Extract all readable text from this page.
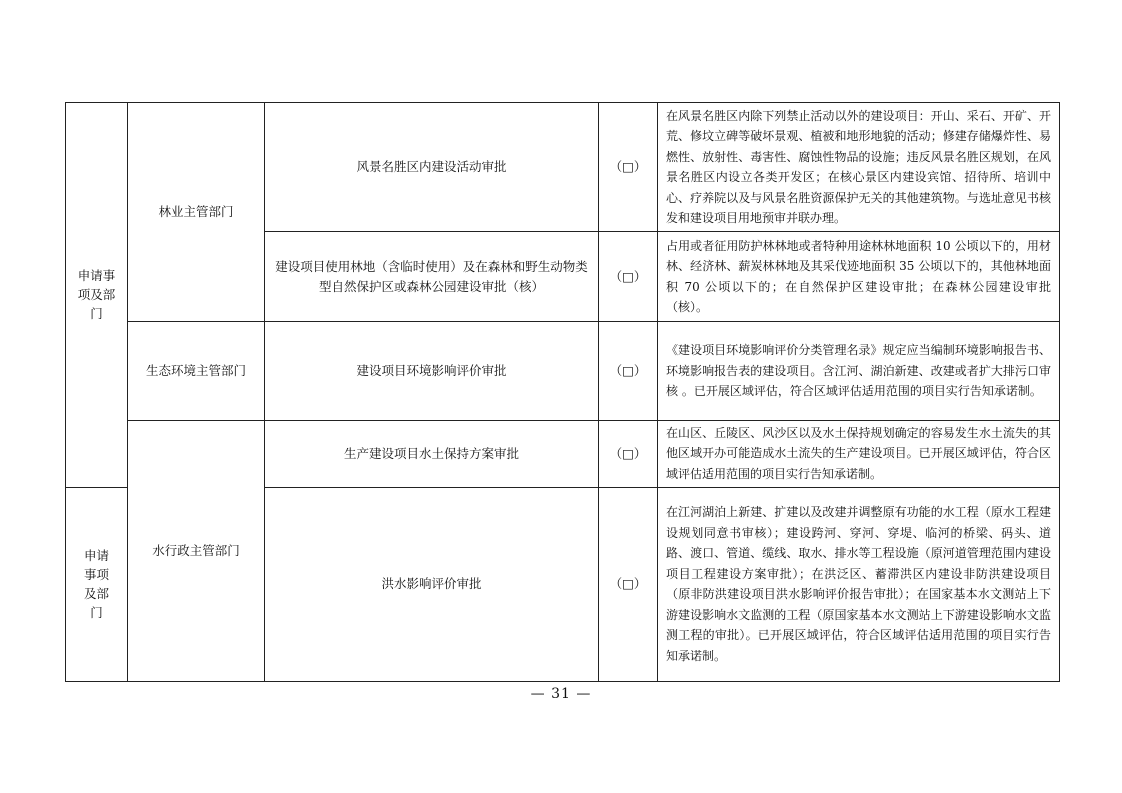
申请事项及部门	林业主管部门	风景名胜区内建设活动审批	（□）	在风景名胜区内除下列禁止活动以外的建设项目：开山、采石、开矿、开荒、修坟立碑等破坏景观、植被和地形地貌的活动；修建存储爆炸性、易燃性、放射性、毒害性、腐蚀性物品的设施；违反风景名胜区规划，在风景名胜区内设立各类开发区；在核心景区内建设宾馆、招待所、培训中心、疗养院以及与风景名胜资源保护无关的其他建筑物。与选址意见书核发和建设项目用地预审并联办理。
		建设项目使用林地（含临时使用）及在森林和野生动物类型自然保护区或森林公园建设审批（核）	（□）	占用或者征用防护林林地或者特种用途林林地面积 10 公顷以下的，用材林、经济林、薪炭林林地及其采伐迹地面积 35 公顷以下的，其他林地面积 70 公顷以下的；在自然保护区建设审批；在森林公园建设审批（核）。
	生态环境主管部门	建设项目环境影响评价审批	（□）	《建设项目环境影响评价分类管理名录》规定应当编制环境影响报告书、环境影响报告表的建设项目。含江河、湖泊新建、改建或者扩大排污口审核 。已开展区域评估，符合区域评估适用范围的项目实行告知承诺制。
	水行政主管部门	生产建设项目水土保持方案审批	（□）	在山区、丘陵区、风沙区以及水土保持规划确定的容易发生水土流失的其他区域开办可能造成水土流失的生产建设项目。已开展区域评估，符合区域评估适用范围的项目实行告知承诺制。

申请事项及部门		洪水影响评价审批	（□）	在江河湖泊上新建、扩建以及改建并调整原有功能的水工程（原水工程建设规划同意书审核）；建设跨河、穿河、穿堤、临河的桥梁、码头、道路、渡口、管道、缆线、取水、排水等工程设施（原河道管理范围内建设项目工程建设方案审批）；在洪泛区、蓄滞洪区内建设非防洪建设项目（原非防洪建设项目洪水影响评价报告审批）；在国家基本水文测站上下游建设影响水文监测的工程（原国家基本水文测站上下游建设影响水文监测工程的审批）。已开展区域评估，符合区域评估适用范围的项目实行告知承诺制。
— 31 —
